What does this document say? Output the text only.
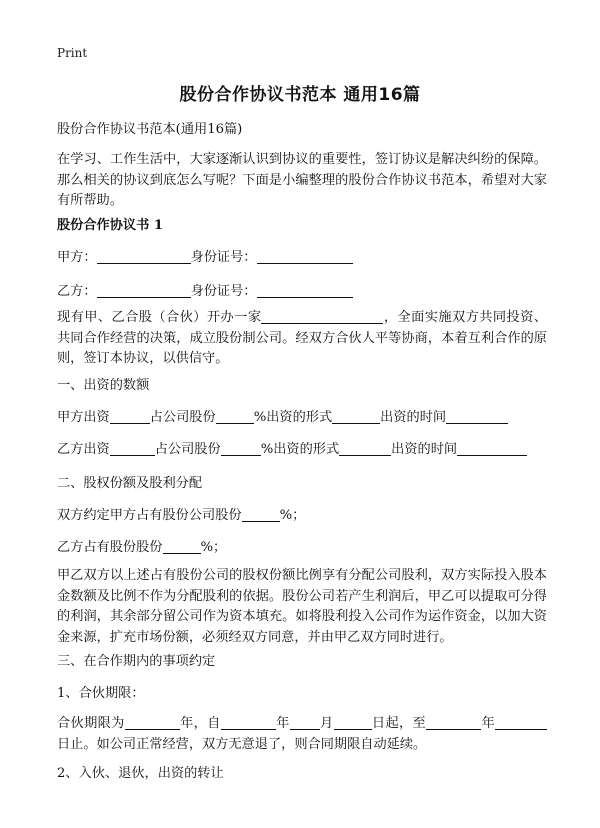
Print
股份合作协议书范本 通用16篇
股份合作协议书范本(通用16篇)
在学习、工作生活中，大家逐渐认识到协议的重要性，签订协议是解决纠纷的保障。那么相关的协议到底怎么写呢？下面是小编整理的股份合作协议书范本，希望对大家有所帮助。
股份合作协议书 1
甲方：	身份证号：
乙方：	身份证号：
现有甲、乙合股（合伙）开办一家	，全面实施双方共同投资、共同合作经营的决策，成立股份制公司。经双方合伙人平等协商，本着互利合作的原则，签订本协议，以供信守。
一、出资的数额
甲方出资	占公司股份	%出资的形式	出资的时间
乙方出资	占公司股份	%出资的形式	出资的时间
二、股权份额及股利分配
双方约定甲方占有股份公司股份	%；
乙方占有股份股份	%；
甲乙双方以上述占有股份公司的股权份额比例享有分配公司股利，双方实际投入股本金数额及比例不作为分配股利的依据。股份公司若产生利润后，甲乙可以提取可分得的利润，其余部分留公司作为资本填充。如将股利投入公司作为运作资金，以加大资金来源，扩充市场份额，必须经双方同意，并由甲乙双方同时进行。
三、在合作期内的事项约定
1、合伙期限：
合伙期限为	年，自	年 月	日起，至	年日止。如公司正常经营，双方无意退了，则合同期限自动延续。
2、入伙、退伙，出资的转让
